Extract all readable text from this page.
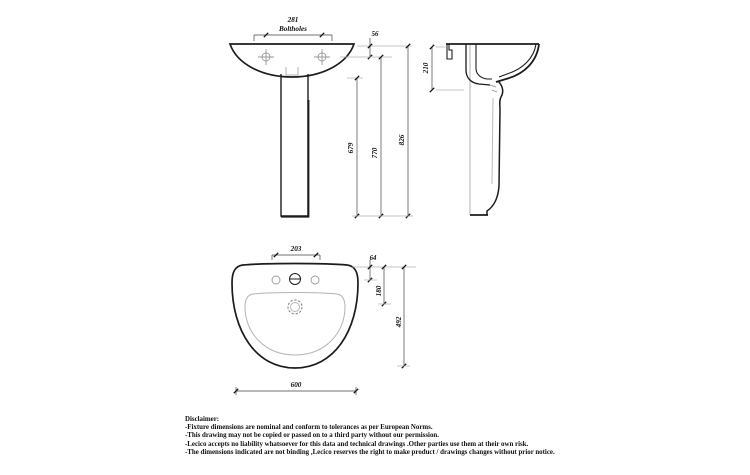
281
Boltholes
56
679 770
826
210
203
64
180
492
600
Disclaimer:
-Fixture dimensions are nominal and conform to tolerances as per European Norms.
-This drawing may not be copied or passed on to a third party without our permission.
-Lecico accepts no liability whatsoever for this data and technical drawings .Other parties use them at their own risk.
-The dimensions indicated are not binding ,Lecico reserves the right to make product / drawings changes without prior notice.
